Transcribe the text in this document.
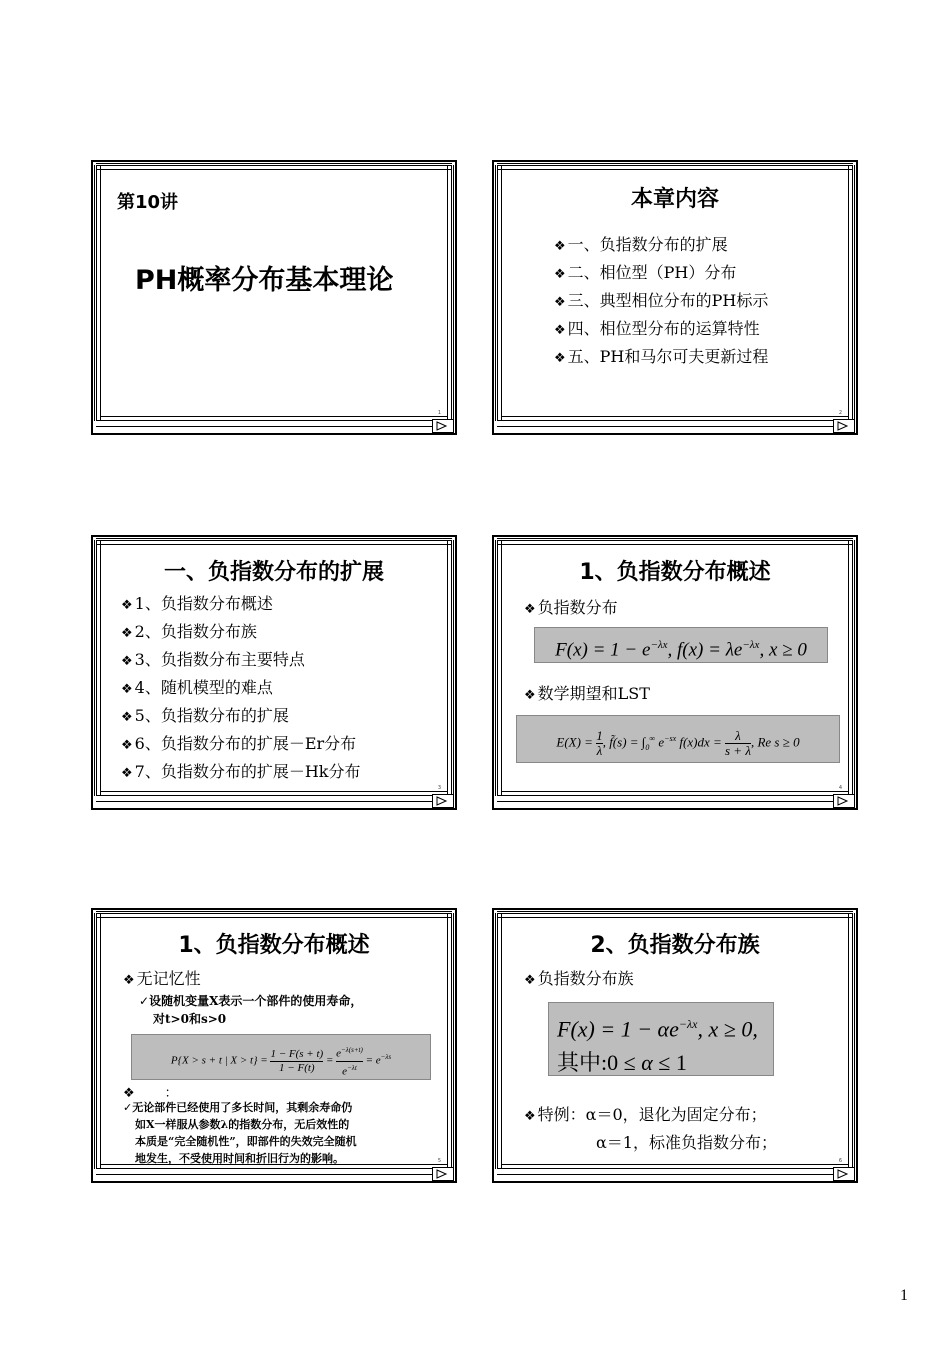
1
第10讲
PH概率分布基本理论
2
本章内容
❖ 一、负指数分布的扩展
❖ 二、相位型（PH）分布
❖ 三、典型相位分布的PH标示
❖ 四、相位型分布的运算特性
❖ 五、PH和马尔可夫更新过程
3
一、负指数分布的扩展
❖ 1、负指数分布概述
❖ 2、负指数分布族
❖ 3、负指数分布主要特点
❖ 4、随机模型的难点
❖ 5、负指数分布的扩展
❖ 6、负指数分布的扩展－Er分布
❖ 7、负指数分布的扩展－Hk分布
4
1、负指数分布概述
❖ 负指数分布
$F(x) = 1 - e^{-\lambda x}$, $f(x) = \lambda e^{-\lambda x}$, x ≥ 0
❖ 数学期望和LST
$E(X) = \frac{1}{\lambda}$ , f̃(s) = $\int_0^\infty$ $e^{-sx}$ $f(x)dx = \frac{\lambda}{s + \lambda}$ , Re s ≥ 0
5
1、负指数分布概述
❖ 无记忆性
✓设随机变量X表示一个部件的使用寿命，
对t>0和s>0
P{X > s + t | $X > t\} = \frac{1 - F(s + t)}{1 - F(t)} = \frac{e^{-\lambda(s+t)}}{e^{-\lambda t}} = e^{-\lambda s}$
❖ ：
✓无论部件已经使用了多长时间，其剩余寿命仍
如X一样服从参数λ的指数分布，无后效性的
本质是“完全随机性”，即部件的失效完全随机
地发生，不受使用时间和折旧行为的影响。	6
2、负指数分布族
❖ 负指数分布族
$F(x) = 1 - \alpha e^{-\lambda x}$, x ≥ 0,
其中:0 ≤ α ≤ 1
❖ 特例：α＝0，退化为固定分布；
α＝1，标准负指数分布；
1
